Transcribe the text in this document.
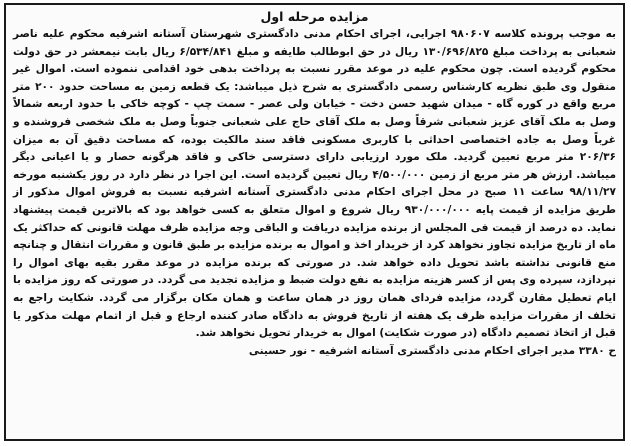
مزایده مرحله اول

به موجب پرونده کلاسه ۹۸۰۶۰۷ اجرایی، اجرای احکام مدنی دادگستری شهرستان آستانه اشرفیه محکوم علیه ناصر شعبانی به پرداخت مبلغ ۱۳۰/۶۹۶/۸۲۵ ریال در حق ابوطالب طایفه و مبلغ ۶/۵۳۴/۸۴۱ ریال بابت نیمعشر در حق دولت محکوم گردیده است. چون محکوم علیه در موعد مقرر نسبت به پرداخت بدهی خود اقدامی ننموده است. اموال غیر منقول وی طبق نظریه کارشناس رسمی دادگستری به شرح ذیل میباشد: یک قطعه زمین به مساحت حدود ۲۰۰ متر مربع واقع در کوره گاه - میدان شهید حسن دخت - خیابان ولی عصر - سمت چپ - کوچه خاکی با حدود اربعه شمالاً وصل به ملک آقای عزیز شعبانی شرقاً وصل به ملک آقای حاج علی شعبانی جنوباً وصل به ملک شخصی فروشنده و غرباً وصل به جاده اختصاصی احداثی با کاربری مسکونی فاقد سند مالکیت بوده، که مساحت دقیق آن به میزان ۲۰۶/۳۶ متر مربع تعیین گردید. ملک مورد ارزیابی دارای دسترسی خاکی و فاقد هرگونه حصار و یا اعیانی دیگر میباشد. ارزش هر متر مربع از زمین ۴/۵۰۰/۰۰۰ ریال تعیین گردیده است. این اجرا در نظر دارد در روز یکشنبه مورخه ۹۸/۱۱/۲۷ ساعت ۱۱ صبح در محل اجرای احکام مدنی دادگستری آستانه اشرفیه نسبت به فروش اموال مذکور از طریق مزایده از قیمت پایه ۹۳۰/۰۰۰/۰۰۰ ریال شروع و اموال متعلق به کسی خواهد بود که بالاترین قیمت پیشنهاد نماید. ده درصد از قیمت فی المجلس از برنده مزایده دریافت و الباقی وجه مزایده ظرف مهلت قانونی که حداکثر یک ماه از تاریخ مزایده تجاوز نخواهد کرد از خریدار اخذ و اموال به برنده مزایده بر طبق قانون و مقررات انتقال و چنانچه منع قانونی نداشته باشد تحویل داده خواهد شد. در صورتی که برنده مزایده در موعد مقرر بقیه بهای اموال را نپردازد، سپرده وی پس از کسر هزینه مزایده به نفع دولت ضبط و مزایده تجدید می گردد. در صورتی که روز مزایده با ایام تعطیل مقارن گردد، مزایده فردای همان روز در همان ساعت و همان مکان برگزار می گردد. شکایت راجع به تخلف از مقررات مزایده ظرف یک هفته از تاریخ فروش به دادگاه صادر کننده ارجاع و قبل از اتمام مهلت مذکور یا قبل از اتخاذ تصمیم دادگاه (در صورت شکایت) اموال به خریدار تحویل نخواهد شد.

ح ۳۳۸۰ مدیر اجرای احکام مدنی دادگستری آستانه اشرفیه - نور حسینی
